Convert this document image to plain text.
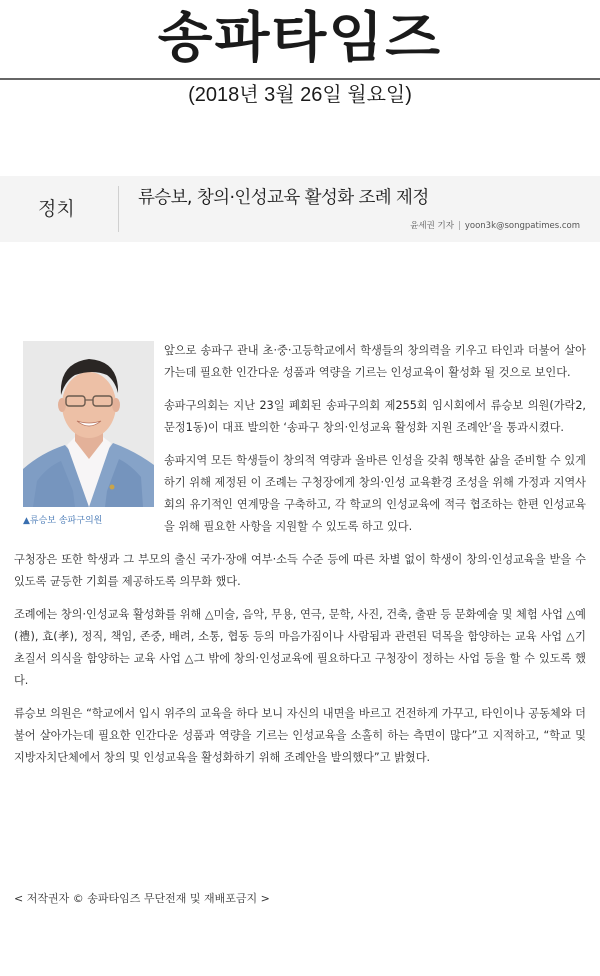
송파타임즈
(2018년 3월 26일 월요일)
정치	류승보, 창의·인성교육 활성화 조례 제정
윤세권 기자 | yoon3k@songpatimes.com
▲류승보 송파구의원

앞으로 송파구 관내 초·중·고등학교에서 학생들의 창의력을 키우고 타인과 더불어 살아가는데 필요한 인간다운 성품과 역량을 기르는 인성교육이 활성화 될 것으로 보인다.

송파구의회는 지난 23일 폐회된 송파구의회 제255회 임시회에서 류승보 의원(가락2, 문정1동)이 대표 발의한 ‘송파구 창의·인성교육 활성화 지원 조례안’을 통과시켰다.

송파지역 모든 학생들이 창의적 역량과 올바른 인성을 갖춰 행복한 삶을 준비할 수 있게 하기 위해 제정된 이 조례는 구청장에게 창의·인성 교육환경 조성을 위해 가정과 지역사회의 유기적인 연계망을 구축하고, 각 학교의 인성교육에 적극 협조하는 한편 인성교육을 위해 필요한 사항을 지원할 수 있도록 하고 있다.

구청장은 또한 학생과 그 부모의 출신 국가·장애 여부·소득 수준 등에 따른 차별 없이 학생이 창의·인성교육을 받을 수 있도록 균등한 기회를 제공하도록 의무화 했다.

조례에는 창의·인성교육 활성화를 위해 △미술, 음악, 무용, 연극, 문학, 사진, 건축, 출판 등 문화예술 및 체험 사업 △예(禮), 효(孝), 정직, 책임, 존중, 배려, 소통, 협동 등의 마음가짐이나 사람됨과 관련된 덕목을 함양하는 교육 사업 △기초질서 의식을 함양하는 교육 사업 △그 밖에 창의·인성교육에 필요하다고 구청장이 정하는 사업 등을 할 수 있도록 했다.

류승보 의원은 “학교에서 입시 위주의 교육을 하다 보니 자신의 내면을 바르고 건전하게 가꾸고, 타인이나 공동체와 더불어 살아가는데 필요한 인간다운 성품과 역량을 기르는 인성교육을 소홀히 하는 측면이 많다”고 지적하고, “학교 및 지방자치단체에서 창의 및 인성교육을 활성화하기 위해 조례안을 발의했다”고 밝혔다.

< 저작권자 © 송파타임즈 무단전재 및 재배포금지 >
